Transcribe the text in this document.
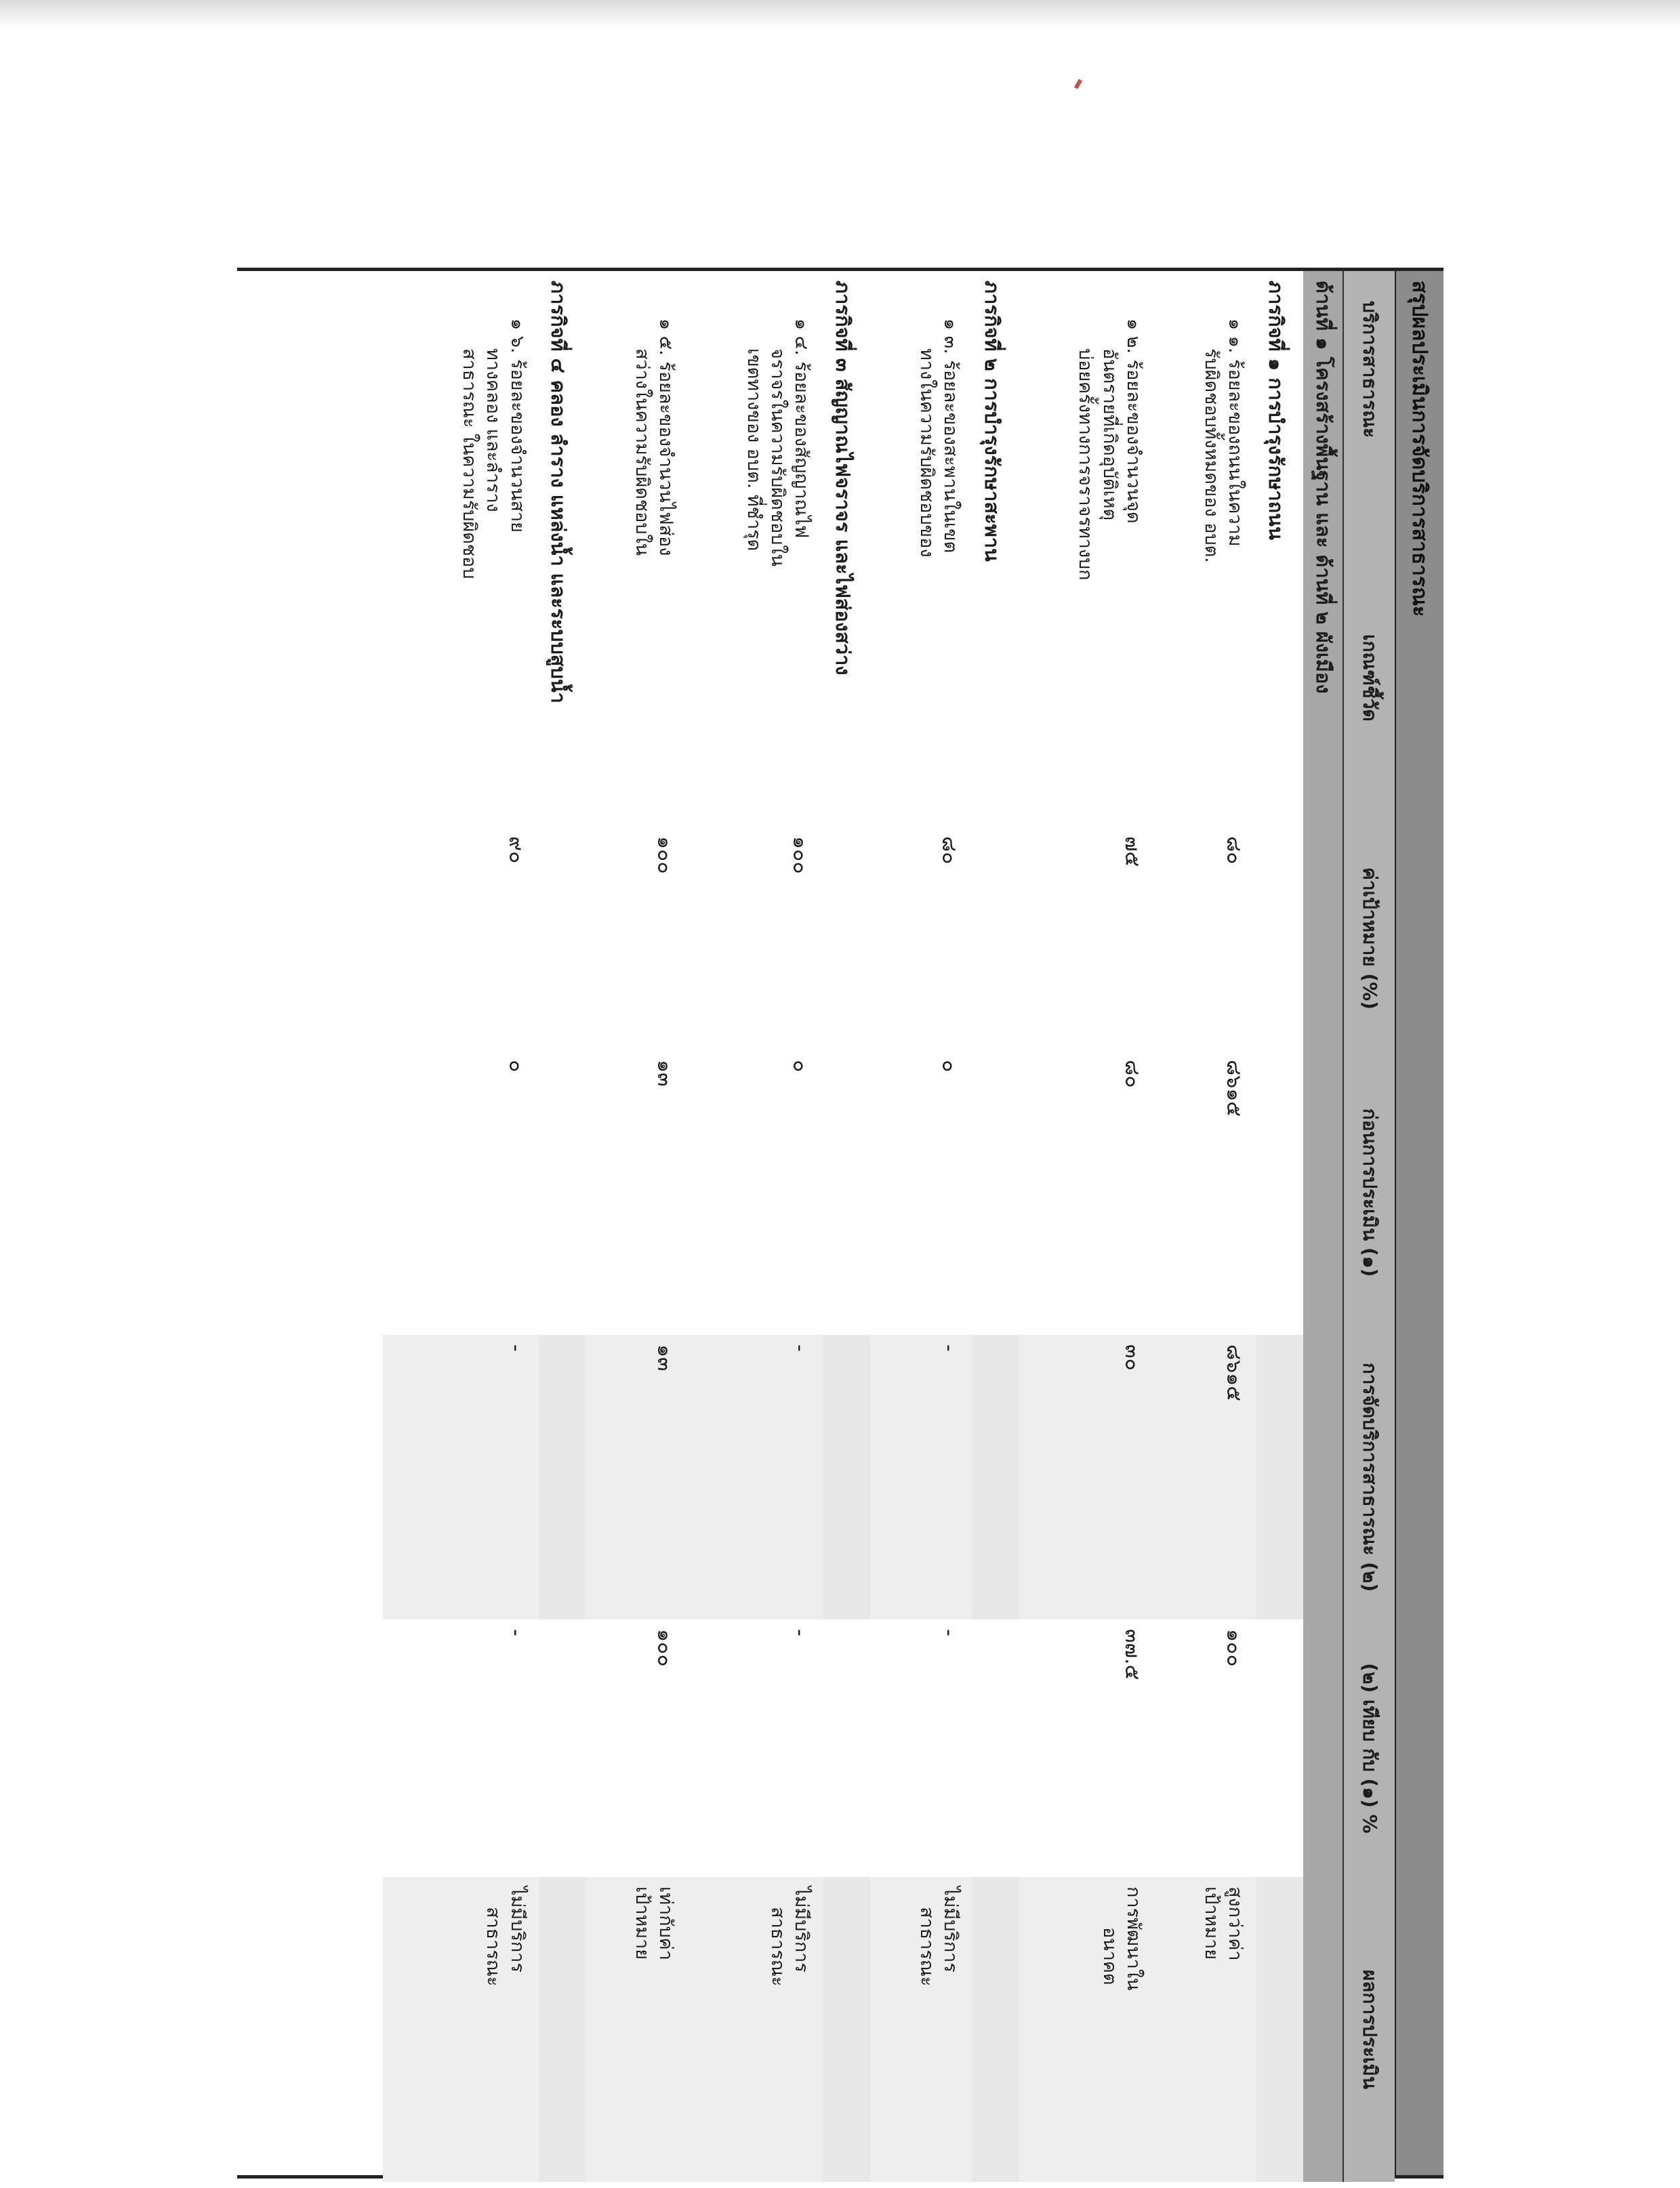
สรุปผลประเมินการจัดบริการสาธารณะ
บริการสาธารณะ เกณฑ์ชี้วัด	ค่าเป้าหมาย (%)	ก่อนการประเมิน (๑)	การจัดบริการสาธารณะ (๒)	(๒) เทียบ กับ (๑) %	ผลการประเมิน
ด้านที่ ๑ โครงสร้างพื้นฐาน และ ด้านที่ ๒ ผังเมือง					
ภารกิจที่ ๑ การบำรุงรักษาถนน					

๑ ๑. ร้อยละของถนนในความ
รับผิดชอบทั้งหมดของ อบต.	๘๐	๘๖๑๕	๘๖๑๕	๑๐๐	สูงกว่าค่า
เป้าหมาย

๑ ๒. ร้อยละของจำนวนจุด
อันตรายที่เกิดอุบัติเหตุ
บ่อยครั้งทางการจราจรทางบก	๗๕	๘๐	๓๐	๓๗.๕	การพัฒนาใน
อนาคต

ภารกิจที่ ๒ การบำรุงรักษาสะพาน					

๑ ๓. ร้อยละของสะพานในเขต
ทางในความรับผิดชอบของ	๘๐	๐	-	-	ไม่มีบริการ
สาธารณะ

ภารกิจที่ ๓ สัญญาณไฟจราจร และไฟส่องสว่าง					

๑ ๔. ร้อยละของสัญญาณไฟ
จราจรในความรับผิดชอบใน
เขตทางของ อบต. ที่ชำรุด	๑๐๐	๐	-	-	ไม่มีบริการ
สาธารณะ

๑ ๕. ร้อยละของจำนวนไฟส่อง
สว่างในความรับผิดชอบใน	๑๐๐	๑๓	๑๓	๑๐๐	เท่ากับค่า
เป้าหมาย

ภารกิจที่ ๔ คลอง ลำราง แหล่งน้ำ และระบบสูบน้ำ					

๑ ๖. ร้อยละของจำนวนสาย
ทางคลอง และลำราง
สาธารณะ ในความรับผิดชอบ	๙๐	๐	-	-	ไม่มีบริการ
สาธารณะ
